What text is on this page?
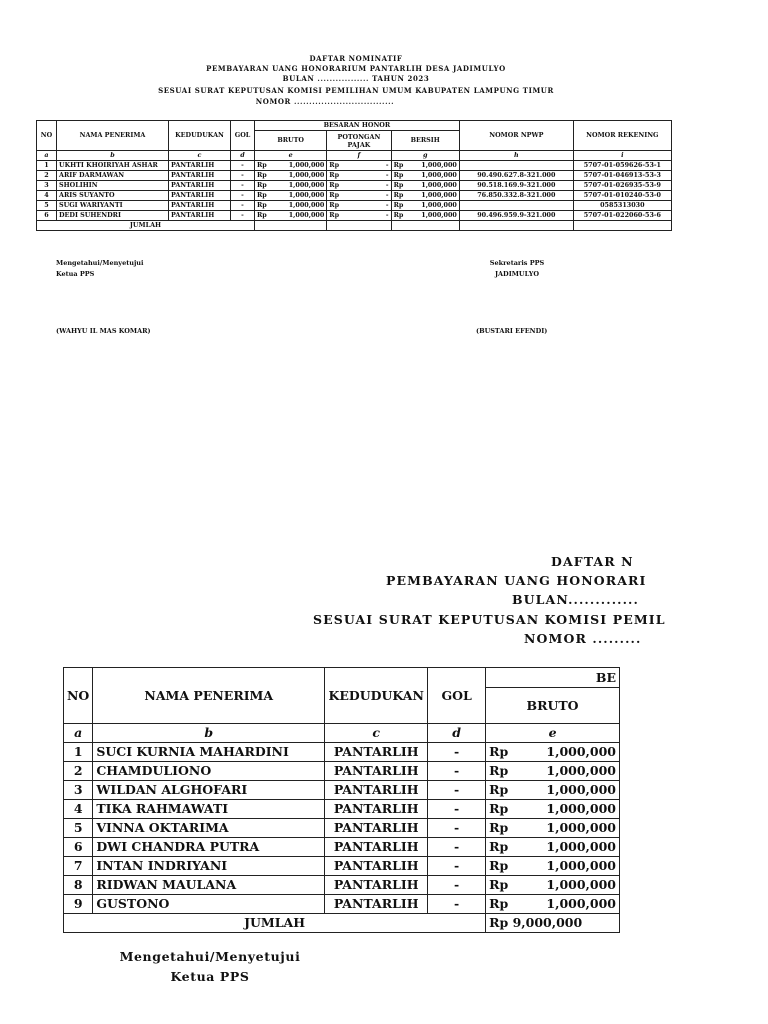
DAFTAR NOMINATIF
PEMBAYARAN UANG HONORARIUM PANTARLIH DESA JADIMULYO
BULAN ................. TAHUN 2023
SESUAI SURAT KEPUTUSAN KOMISI PEMILIHAN UMUM KABUPATEN LAMPUNG TIMUR
NOMOR .................................
NO	NAMA PENERIMA	KEDUDUKAN	GOL	BESARAN HONOR						NOMOR NPWP	NOMOR REKENING
				BRUTO		POTONGAN PAJAK		BERSIH			
a	b	c	d	e		f		g		h	i
1	UKHTI KHOIRIYAH ASHAR	PANTARLIH	-	Rp	1,000,000	Rp	-	Rp	1,000,000		5707-01-059626-53-1
2	ARIF DARMAWAN	PANTARLIH	-	Rp	1,000,000	Rp	-	Rp	1,000,000	90.490.627.8-321.000	5707-01-046913-53-3
3	SHOLIHIN	PANTARLIH	-	Rp	1,000,000	Rp	-	Rp	1,000,000	90.518.169.9-321.000	5707-01-026935-53-9
4	ARIS SUYANTO	PANTARLIH	-	Rp	1,000,000	Rp	-	Rp	1,000,000	76.850.332.8-321.000	5707-01-010240-53-0
5	SUGI WARIYANTI	PANTARLIH	-	Rp	1,000,000	Rp	-	Rp	1,000,000		0585313030
6	DEDI SUHENDRI	PANTARLIH	-	Rp	1,000,000	Rp	-	Rp	1,000,000	90.496.959.9-321.000	5707-01-022060-53-6
JUMLAH											
Mengetahui/Menyetujui
Ketua PPS
(WAHYU IL MAS KOMAR)
Sekretaris PPS
JADIMULYO
(BUSTARI EFENDI)
DAFTAR N
PEMBAYARAN UANG HONORARI
BULAN.............
SESUAI SURAT KEPUTUSAN KOMISI PEMIL
NOMOR .........
NO	NAMA PENERIMA	KEDUDUKAN	GOL	BE	
				BRUTO	
a	b	c	d	e	
1	SUCI KURNIA MAHARDINI	PANTARLIH	-	Rp	1,000,000
2	CHAMDULIONO	PANTARLIH	-	Rp	1,000,000
3	WILDAN ALGHOFARI	PANTARLIH	-	Rp	1,000,000
4	TIKA RAHMAWATI	PANTARLIH	-	Rp	1,000,000
5	VINNA OKTARIMA	PANTARLIH	-	Rp	1,000,000
6	DWI CHANDRA PUTRA	PANTARLIH	-	Rp	1,000,000
7	INTAN INDRIYANI	PANTARLIH	-	Rp	1,000,000
8	RIDWAN MAULANA	PANTARLIH	-	Rp	1,000,000
9	GUSTONO	PANTARLIH	-	Rp	1,000,000
JUMLAH				Rp 9,000,000	
Mengetahui/Menyetujui
Ketua PPS
